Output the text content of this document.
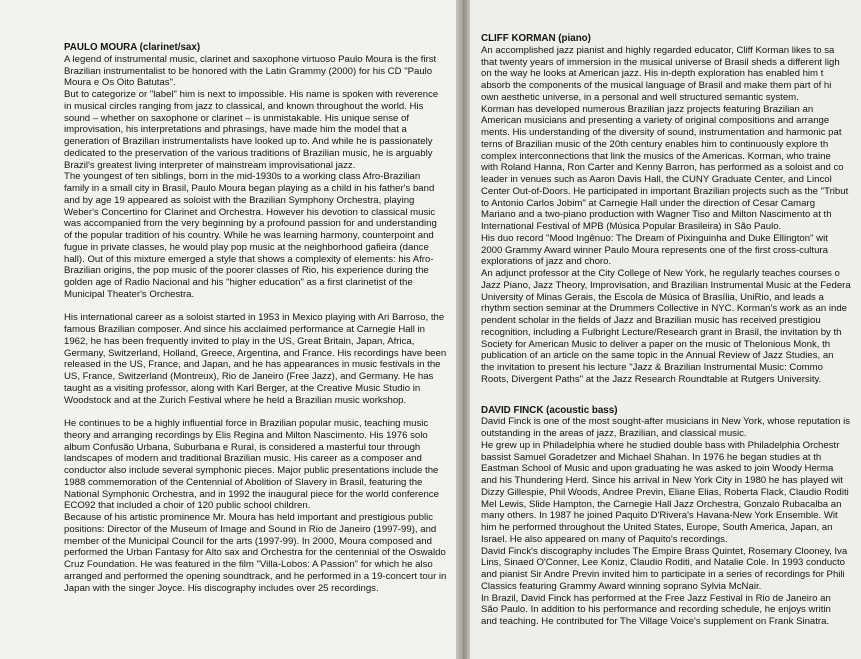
PAULO MOURA (clarinet/sax)

A legend of instrumental music, clarinet and saxophone virtuoso Paulo Moura is the first Brazilian instrumentalist to be honored with the Latin Grammy (2000) for his CD "Paulo Moura e Os Oito Batutas".

But to categorize or "label" him is next to impossible. His name is spoken with reverence in musical circles ranging from jazz to classical, and known throughout the world. His sound – whether on saxophone or clarinet – is unmistakable. His unique sense of improvisation, his interpretations and phrasings, have made him the model that a generation of Brazilian instrumentalists have looked up to. And while he is passionately dedicated to the preservation of the various traditions of Brazilian music, he is arguably Brazil's greatest living interpreter of mainstream improvisational jazz.

The youngest of ten siblings, born in the mid-1930s to a working class Afro-Brazilian family in a small city in Brasil, Paulo Moura began playing as a child in his father's band and by age 19 appeared as soloist with the Brazilian Symphony Orchestra, playing Weber's Concertino for Clarinet and Orchestra. However his devotion to classical music was accompanied from the very beginning by a profound passion for and understanding of the popular tradition of his country. While he was learning harmony, counterpoint and fugue in private classes, he would play pop music at the neighborhood gafieira (dance hall). Out of this mixture emerged a style that shows a complexity of elements: his Afro-Brazilian origins, the pop music of the poorer classes of Rio, his experience during the golden age of Radio Nacional and his "higher education" as a first clarinetist of the Municipal Theater's Orchestra.

His international career as a soloist started in 1953 in Mexico playing with Ari Barroso, the famous Brazilian composer. And since his acclaimed performance at Carnegie Hall in 1962, he has been frequently invited to play in the US, Great Britain, Japan, Africa, Germany, Switzerland, Holland, Greece, Argentina, and France. His recordings have been released in the US, France, and Japan, and he has appearances in music festivals in the US, France, Switzerland (Montreux), Rio de Janeiro (Free Jazz), and Germany. He has taught as a visiting professor, along with Karl Berger, at the Creative Music Studio in Woodstock and at the Zurich Festival where he held a Brazilian music workshop.

He continues to be a highly influential force in Brazilian popular music, teaching music theory and arranging recordings by Elis Regina and Milton Nascimento. His 1976 solo album Confusão Urbana, Suburbana e Rural, is considered a masterful tour through landscapes of modern and traditional Brazilian music. His career as a composer and conductor also include several symphonic pieces. Major public presentations include the 1988 commemoration of the Centennial of Abolition of Slavery in Brasil, featuring the National Symphonic Orchestra, and in 1992 the inaugural piece for the world conference ECO92 that included a choir of 120 public school children.

Because of his artistic prominence Mr. Moura has held important and prestigious public positions: Director of the Museum of Image and Sound in Rio de Janeiro (1997-99), and member of the Municipal Council for the arts (1997-99). In 2000, Moura composed and performed the Urban Fantasy for Alto sax and Orchestra for the centennial of the Oswaldo Cruz Foundation. He was featured in the film "Villa-Lobos: A Passion" for which he also arranged and performed the opening soundtrack, and he performed in a 19-concert tour in Japan with the singer Joyce. His discography includes over 25 recordings.

CLIFF KORMAN (piano)
An accomplished jazz pianist and highly regarded educator, Cliff Korman likes to sa
that twenty years of immersion in the musical universe of Brasil sheds a different ligh
on the way he looks at American jazz. His in-depth exploration has enabled him t
absorb the components of the musical language of Brasil and make them part of hi
own aesthetic universe, in a personal and well structured semantic system.
Korman has developed numerous Brazilian jazz projects featuring Brazilian an
American musicians and presenting a variety of original compositions and arrange
ments. His understanding of the diversity of sound, instrumentation and harmonic pat
terns of Brazilian music of the 20th century enables him to continuously explore th
complex interconnections that link the musics of the Americas. Korman, who traine
with Roland Hanna, Ron Carter and Kenny Barron, has performed as a soloist and co
leader in venues such as Aaron Davis Hall, the CUNY Graduate Center, and Lincol
Center Out-of-Doors. He participated in important Brazilian projects such as the "Tribut
to Antonio Carlos Jobim" at Carnegie Hall under the direction of Cesar Camarg
Mariano and a two-piano production with Wagner Tiso and Milton Nascimento at th
International Festival of MPB (Música Popular Brasileira) in São Paulo.
His duo record "Mood Ingênuo: The Dream of Pixinguinha and Duke Ellington" wit
2000 Grammy Award winner Paulo Moura represents one of the first cross-cultura
explorations of jazz and choro.
An adjunct professor at the City College of New York, he regularly teaches courses o
Jazz Piano, Jazz Theory, Improvisation, and Brazilian Instrumental Music at the Federa
University of Minas Gerais, the Escola de Música of Brasília, UniRio, and leads a
rhythm section seminar at the Drummers Collective in NYC. Korman's work as an inde
pendent scholar in the fields of Jazz and Brazilian music has received prestigiou
recognition, including a Fulbright Lecture/Research grant in Brasil, the invitation by th
Society for American Music to deliver a paper on the music of Thelonious Monk, th
publication of an article on the same topic in the Annual Review of Jazz Studies, an
the invitation to present his lecture "Jazz & Brazilian Instrumental Music: Commo
Roots, Divergent Paths" at the Jazz Research Roundtable at Rutgers University.
DAVID FINCK (acoustic bass)
David Finck is one of the most sought-after musicians in New York, whose reputation is
outstanding in the areas of jazz, Brazilian, and classical music.
He grew up in Philadelphia where he studied double bass with Philadelphia Orchestr
bassist Samuel Goradetzer and Michael Shahan. In 1976 he began studies at th
Eastman School of Music and upon graduating he was asked to join Woody Herma
and his Thundering Herd. Since his arrival in New York City in 1980 he has played wit
Dizzy Gillespie, Phil Woods, Andree Previn, Eliane Elias, Roberta Flack, Claudio Roditi
Mel Lewis, Slide Hampton, the Carnegie Hall Jazz Orchestra, Gonzalo Rubacalba an
many others. In 1987 he joined Paquito D'Rivera's Havana-New York Ensemble. Wit
him he performed throughout the United States, Europe, South America, Japan, an
Israel. He also appeared on many of Paquito's recordings.
David Finck's discography includes The Empire Brass Quintet, Rosemary Clooney, Iva
Lins, Sinaed O'Conner, Lee Koniz, Claudio Roditi, and Natalie Cole. In 1993 conducto
and pianist Sir Andre Previn invited him to participate in a series of recordings for Phili
Classics featuring Grammy Award winning soprano Sylvia McNair.
In Brazil, David Finck has performed at the Free Jazz Festival in Rio de Janeiro an
São Paulo. In addition to his performance and recording schedule, he enjoys writin
and teaching. He contributed for The Village Voice's supplement on Frank Sinatra.
